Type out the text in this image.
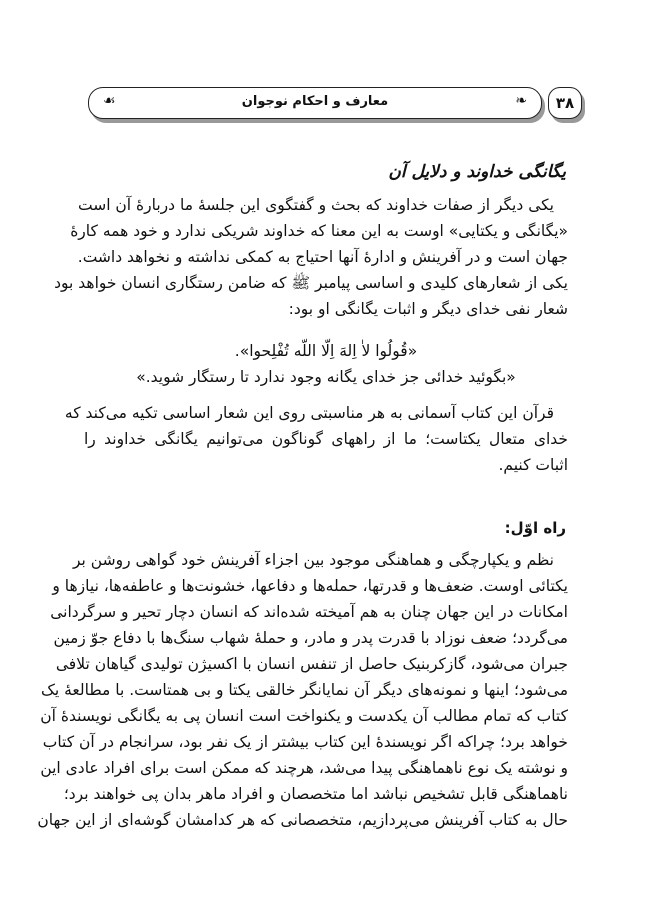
☙	معارف و احکام نوجوان	❧	۳۸
یگانگی خداوند و دلایل آن
یکی دیگر از صفات خداوند که بحث و گفتگوی این جلسهٔ ما دربارهٔ آن است
«یگانگی و یکتایی» اوست به این معنا که خداوند شریکی ندارد و خود همه کارهٔ
جهان است و در آفرینش و ادارهٔ آنها احتیاج به کمکی نداشته و نخواهد داشت.
یکی از شعارهای کلیدی و اساسی پیامبر ﷺ که ضامن رستگاری انسان خواهد بود
شعار نفی خدای دیگر و اثبات یگانگی او بود:
«قُولُوا لاٰ اِلهَ اِلّا اللّه تُفْلِحوا».
«بگوئید خدائی جز خدای یگانه وجود ندارد تا رستگار شوید.»
قرآن این کتاب آسمانی به هر مناسبتی روی این شعار اساسی تکیه می‌کند که
خدای متعال یکتاست؛ ما از راههای گوناگون می‌توانیم یگانگی خداوند را
اثبات کنیم.
راه اوّل:
نظم و یکپارچگی و هماهنگی موجود بین اجزاء آفرینش خود گواهی روشن بر
یکتائی اوست. ضعف‌ها و قدرتها، حمله‌ها و دفاعها، خشونت‌ها و عاطفه‌ها، نیازها و
امکانات در این جهان چنان به هم آمیخته شده‌اند که انسان دچار تحیر و سرگردانی
می‌گردد؛ ضعف نوزاد با قدرت پدر و مادر، و حملهٔ شهاب سنگ‌ها با دفاع جوّ زمین
جبران می‌شود، گازکربنیک حاصل از تنفس انسان با اکسیژن تولیدی گیاهان تلافی
می‌شود؛ اینها و نمونه‌های دیگر آن نمایانگر خالقی یکتا و بی همتاست. با مطالعهٔ یک
کتاب که تمام مطالب آن یکدست و یکنواخت است انسان پی به یگانگی نویسندهٔ آن
خواهد برد؛ چراکه اگر نویسندهٔ این کتاب بیشتر از یک نفر بود، سرانجام در آن کتاب
و نوشته یک نوع ناهماهنگی پیدا می‌شد، هرچند که ممکن است برای افراد عادی این
ناهماهنگی قابل تشخیص نباشد اما متخصصان و افراد ماهر بدان پی خواهند برد؛
حال به کتاب آفرینش می‌پردازیم، متخصصانی که هر کدامشان گوشه‌ای از این جهان
